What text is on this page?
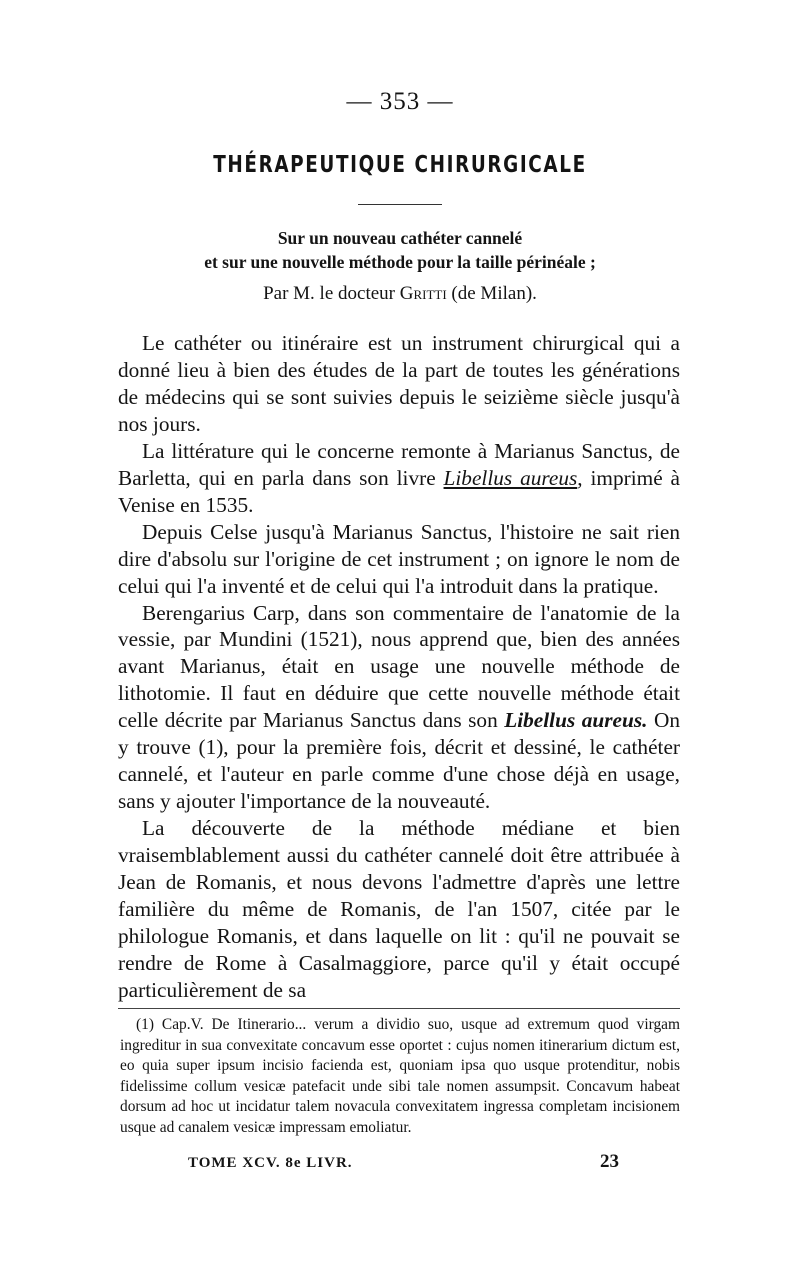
— 353 —
THÉRAPEUTIQUE CHIRURGICALE
Sur un nouveau cathéter cannelé
et sur une nouvelle méthode pour la taille périnéale ;
Par M. le docteur Gritti (de Milan).

Le cathéter ou itinéraire est un instrument chirurgical qui a donné lieu à bien des études de la part de toutes les générations de médecins qui se sont suivies depuis le seizième siècle jusqu'à nos jours.

La littérature qui le concerne remonte à Marianus Sanctus, de Barletta, qui en parla dans son livre Libellus aureus, imprimé à Venise en 1535.

Depuis Celse jusqu'à Marianus Sanctus, l'histoire ne sait rien dire d'absolu sur l'origine de cet instrument ; on ignore le nom de celui qui l'a inventé et de celui qui l'a introduit dans la pratique.

Berengarius Carp, dans son commentaire de l'anatomie de la vessie, par Mundini (1521), nous apprend que, bien des années avant Marianus, était en usage une nouvelle méthode de lithotomie. Il faut en déduire que cette nouvelle méthode était celle décrite par Marianus Sanctus dans son Libellus aureus. On y trouve (1), pour la première fois, décrit et dessiné, le cathéter cannelé, et l'auteur en parle comme d'une chose déjà en usage, sans y ajouter l'importance de la nouveauté.

La découverte de la méthode médiane et bien vraisemblablement aussi du cathéter cannelé doit être attribuée à Jean de Romanis, et nous devons l'admettre d'après une lettre familière du même de Romanis, de l'an 1507, citée par le philologue Romanis, et dans laquelle on lit : qu'il ne pouvait se rendre de Rome à Casalmaggiore, parce qu'il y était occupé particulièrement de sa

(1) Cap.V. De Itinerario... verum a dividio suo, usque ad extremum quod virgam ingreditur in sua convexitate concavum esse oportet : cujus nomen itinerarium dictum est, eo quia super ipsum incisio facienda est, quoniam ipsa quo usque protenditur, nobis fidelissime collum vesicæ patefacit unde sibi tale nomen assumpsit. Concavum habeat dorsum ad hoc ut incidatur talem novacula convexitatem ingressa completam incisionem usque ad canalem vesicæ impressam emoliatur.

TOME XCV. 8e LIVR.	23
